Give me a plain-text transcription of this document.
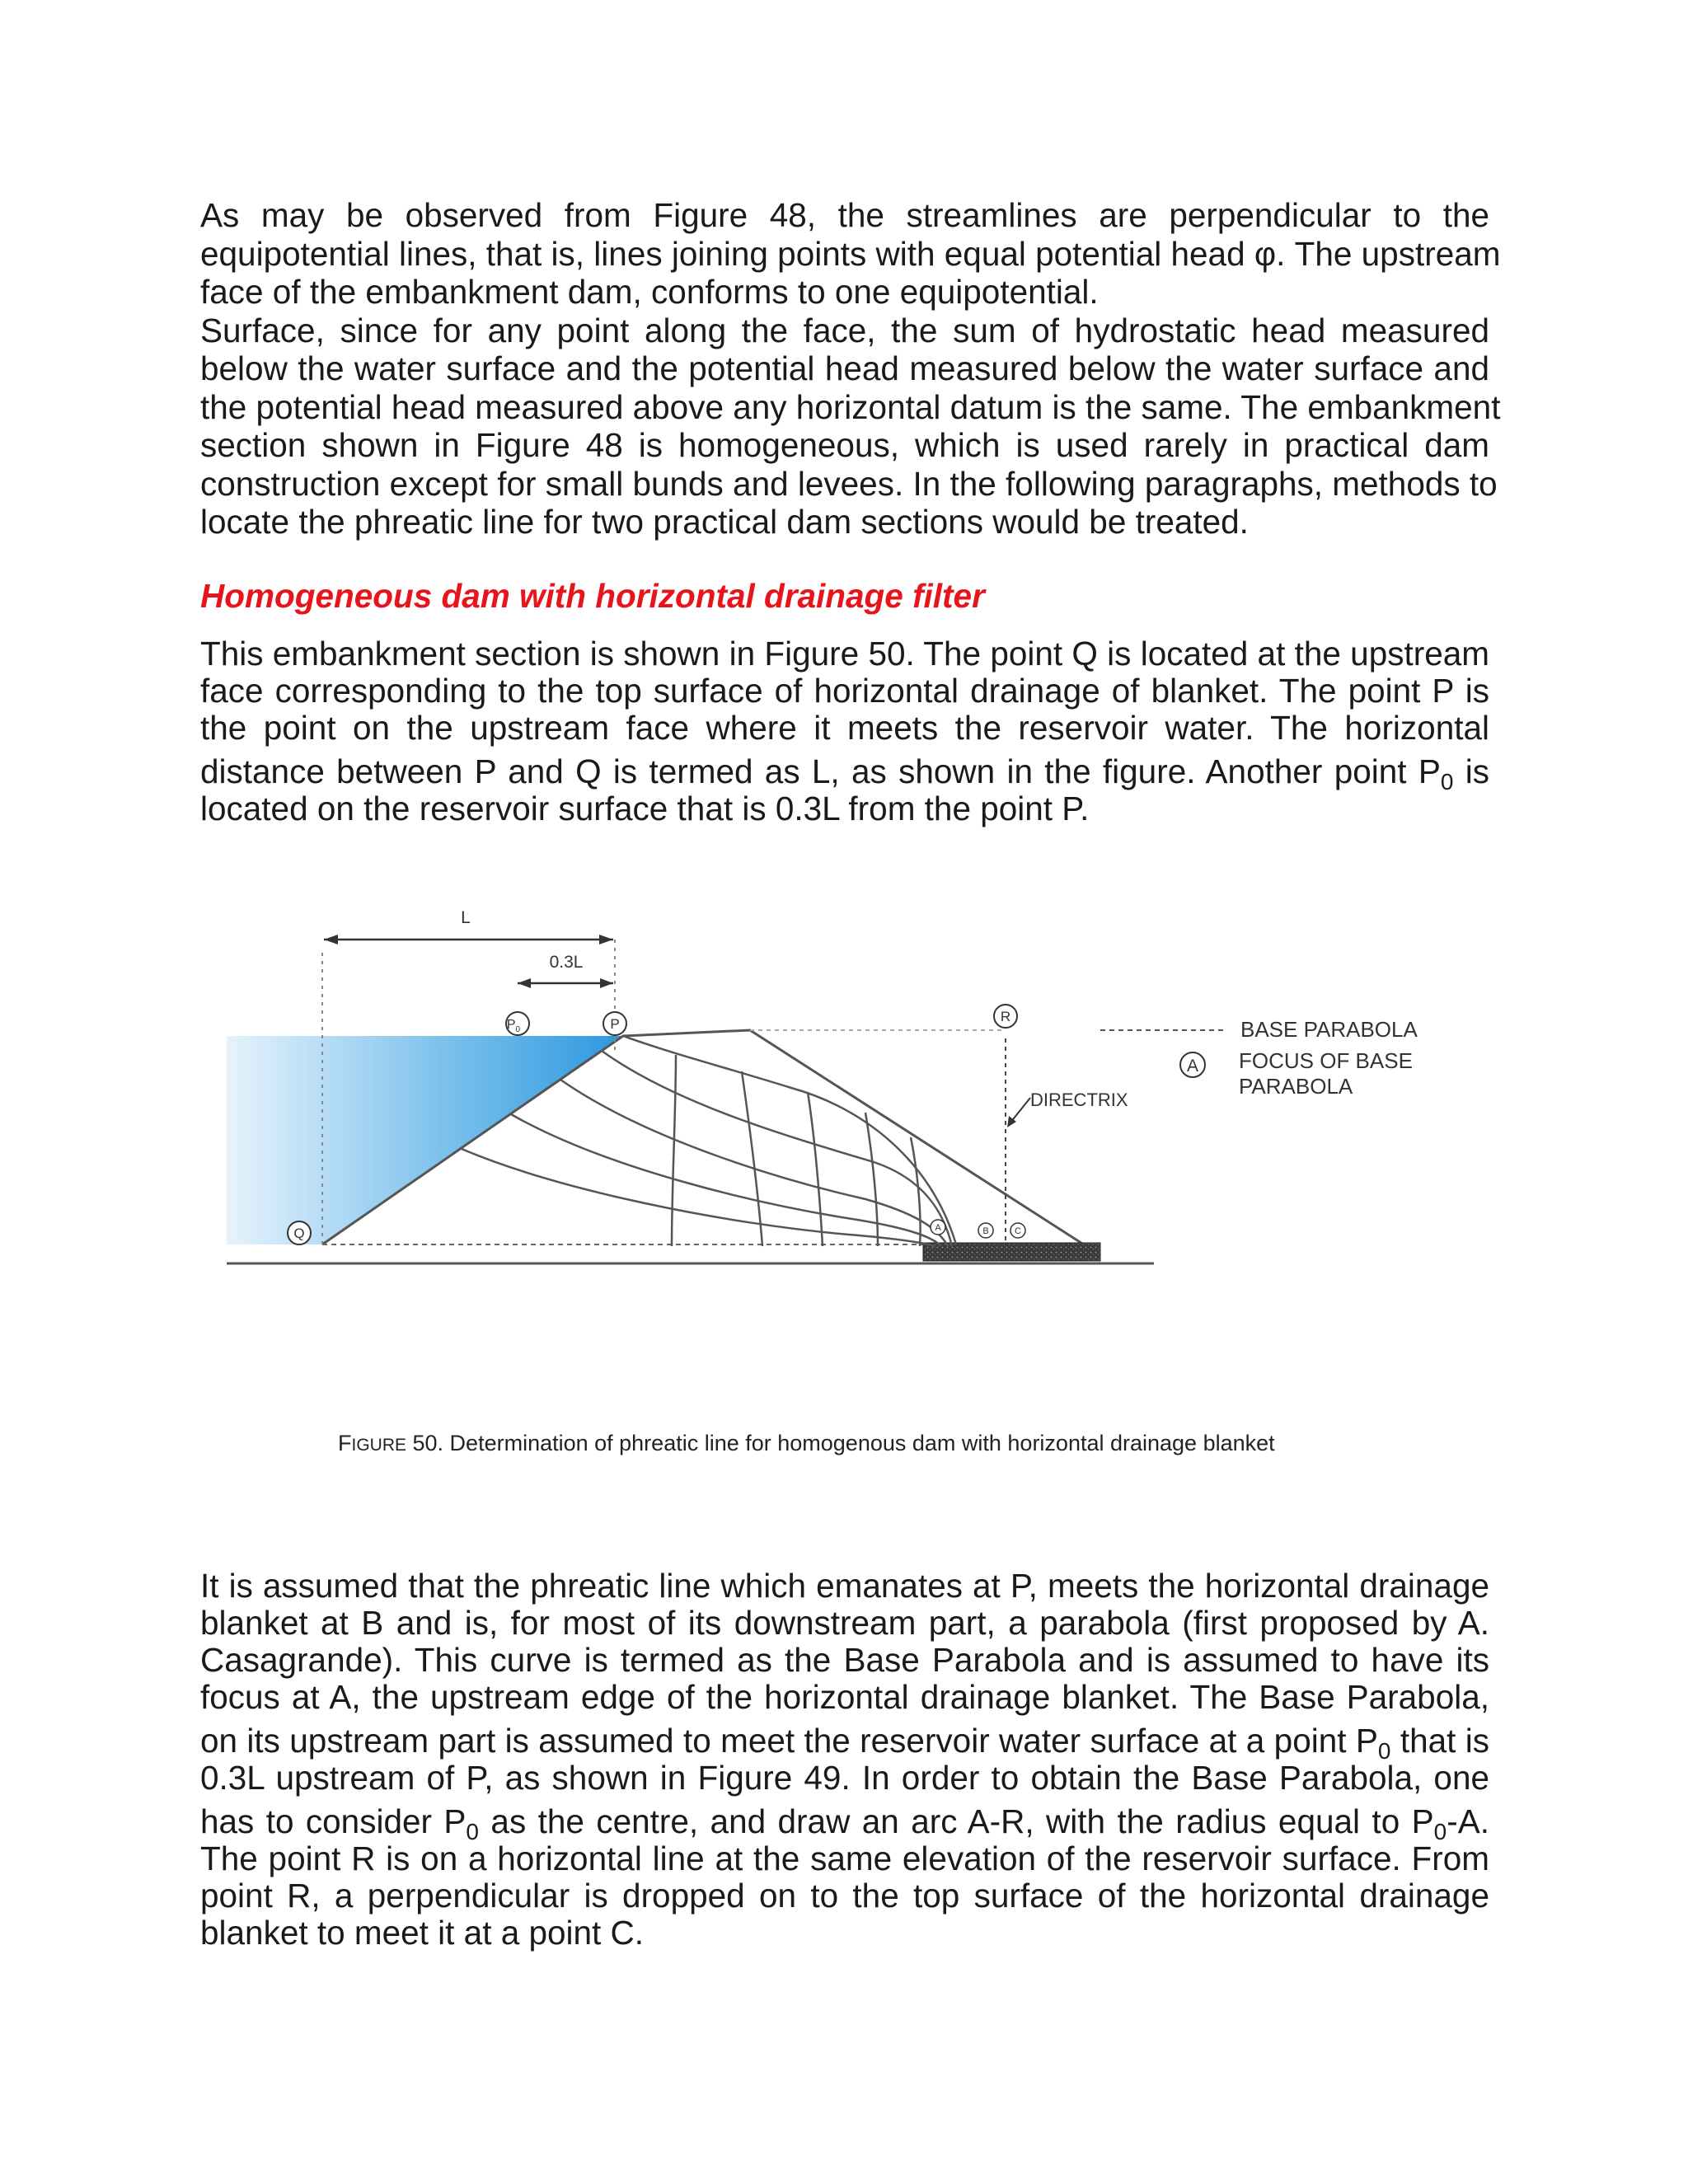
As may be observed from Figure 48, the streamlines are perpendicular to the
equipotential lines, that is, lines joining points with equal potential head φ. The upstream
face of the embankment dam, conforms to one equipotential.
Surface, since for any point along the face, the sum of hydrostatic head measured
below the water surface and the potential head measured below the water surface and
the potential head measured above any horizontal datum is the same. The embankment
section shown in Figure 48 is homogeneous, which is used rarely in practical dam
construction except for small bunds and levees. In the following paragraphs, methods to
locate the phreatic line for two practical dam sections would be treated.

Homogeneous dam with horizontal drainage filter

This embankment section is shown in Figure 50. The point Q is located at the upstream
face corresponding to the top surface of horizontal drainage of blanket. The point P is
the point on the upstream face where it meets the reservoir water. The horizontal
distance between P and Q is termed as L, as shown in the figure. Another point $P_0$ is
located on the reservoir surface that is 0.3L from the point P.
L
0.3L
$P_0$	P	R
Q	A	B	C
DIRECTRIX
BASE PARABOLA
A FOCUS OF BASE
PARABOLA

FIGURE 50. Determination of phreatic line for homogenous dam with horizontal drainage blanket

It is assumed that the phreatic line which emanates at P, meets the horizontal drainage
blanket at B and is, for most of its downstream part, a parabola (first proposed by A.
Casagrande). This curve is termed as the Base Parabola and is assumed to have its
focus at A, the upstream edge of the horizontal drainage blanket. The Base Parabola,
on its upstream part is assumed to meet the reservoir water surface at a point $P_0$ that is
0.3L upstream of P, as shown in Figure 49. In order to obtain the Base Parabola, one
has to consider $P_0$ as the centre, and draw an arc A-R, with the radius equal to $P_0-A$.
The point R is on a horizontal line at the same elevation of the reservoir surface. From
point R, a perpendicular is dropped on to the top surface of the horizontal drainage
blanket to meet it at a point C.
